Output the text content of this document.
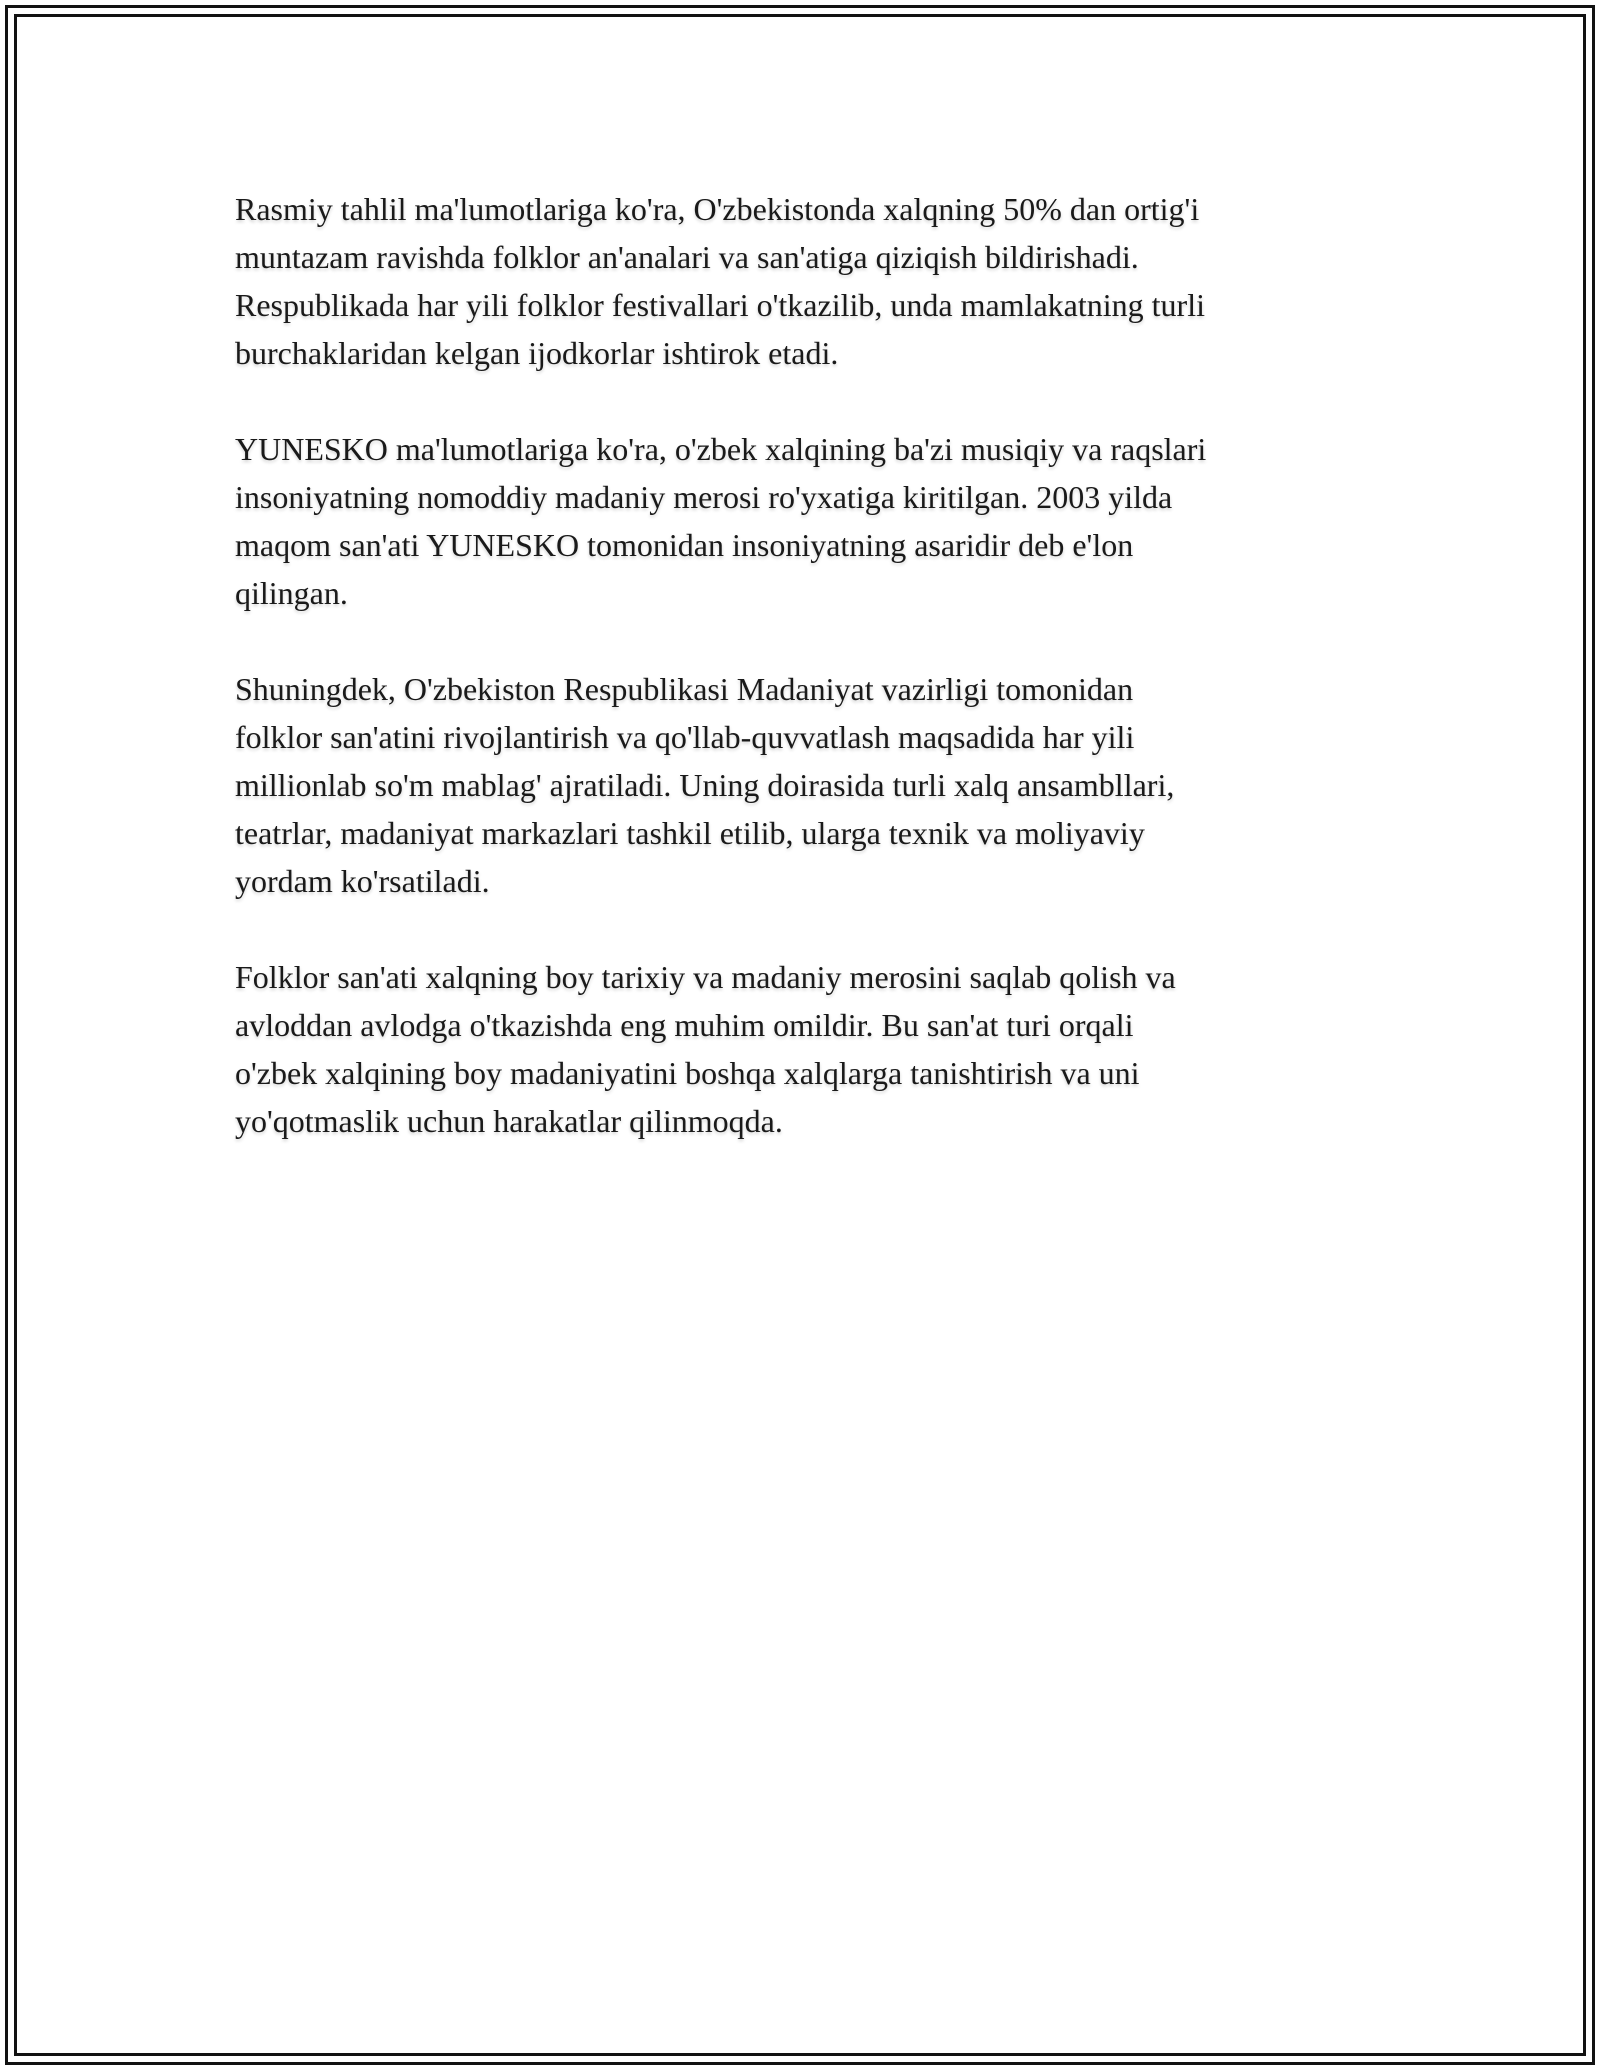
Rasmiy tahlil ma'lumotlariga ko'ra, O'zbekistonda xalqning 50% dan ortig'i
muntazam ravishda folklor an'analari va san'atiga qiziqish bildirishadi.
Respublikada har yili folklor festivallari o'tkazilib, unda mamlakatning turli
burchaklaridan kelgan ijodkorlar ishtirok etadi.

YUNESKO ma'lumotlariga ko'ra, o'zbek xalqining ba'zi musiqiy va raqslari
insoniyatning nomoddiy madaniy merosi ro'yxatiga kiritilgan. 2003 yilda
maqom san'ati YUNESKO tomonidan insoniyatning asaridir deb e'lon
qilingan.

Shuningdek, O'zbekiston Respublikasi Madaniyat vazirligi tomonidan
folklor san'atini rivojlantirish va qo'llab-quvvatlash maqsadida har yili
millionlab so'm mablag' ajratiladi. Uning doirasida turli xalq ansambllari,
teatrlar, madaniyat markazlari tashkil etilib, ularga texnik va moliyaviy
yordam ko'rsatiladi.

Folklor san'ati xalqning boy tarixiy va madaniy merosini saqlab qolish va
avloddan avlodga o'tkazishda eng muhim omildir. Bu san'at turi orqali
o'zbek xalqining boy madaniyatini boshqa xalqlarga tanishtirish va uni
yo'qotmaslik uchun harakatlar qilinmoqda.
